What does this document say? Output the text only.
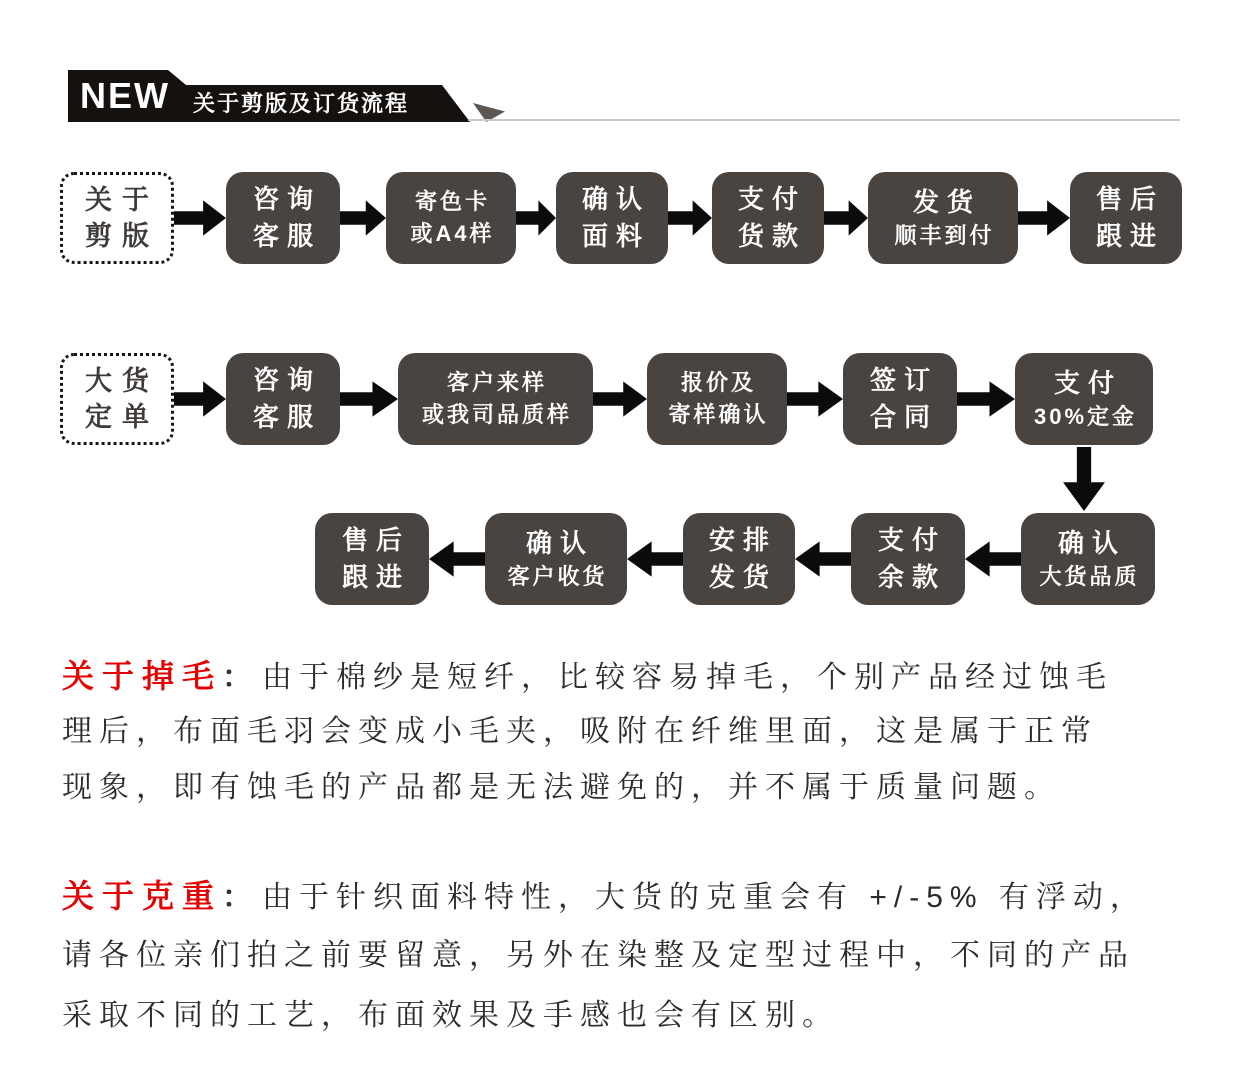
NEW 关于剪版及订货流程
关于
剪版
咨询
客服
寄色卡
或A4样
确认
面料
支付
货款
发货
顺丰到付
售后
跟进
大货
定单
咨询
客服
客户来样
或我司品质样
报价及
寄样确认
签订
合同
支付
30%定金
售后
跟进
确认
客户收货
安排
发货
支付
余款
确认
大货品质
关于掉毛： 由于棉纱是短纤，比较容易掉毛，个别产品经过蚀毛
理后，布面毛羽会变成小毛夹，吸附在纤维里面，这是属于正常
现象，即有蚀毛的产品都是无法避免的，并不属于质量问题。
关于克重： 由于针织面料特性，大货的克重会有 +/-5% 有浮动，
请各位亲们拍之前要留意，另外在染整及定型过程中，不同的产品
采取不同的工艺，布面效果及手感也会有区别。
